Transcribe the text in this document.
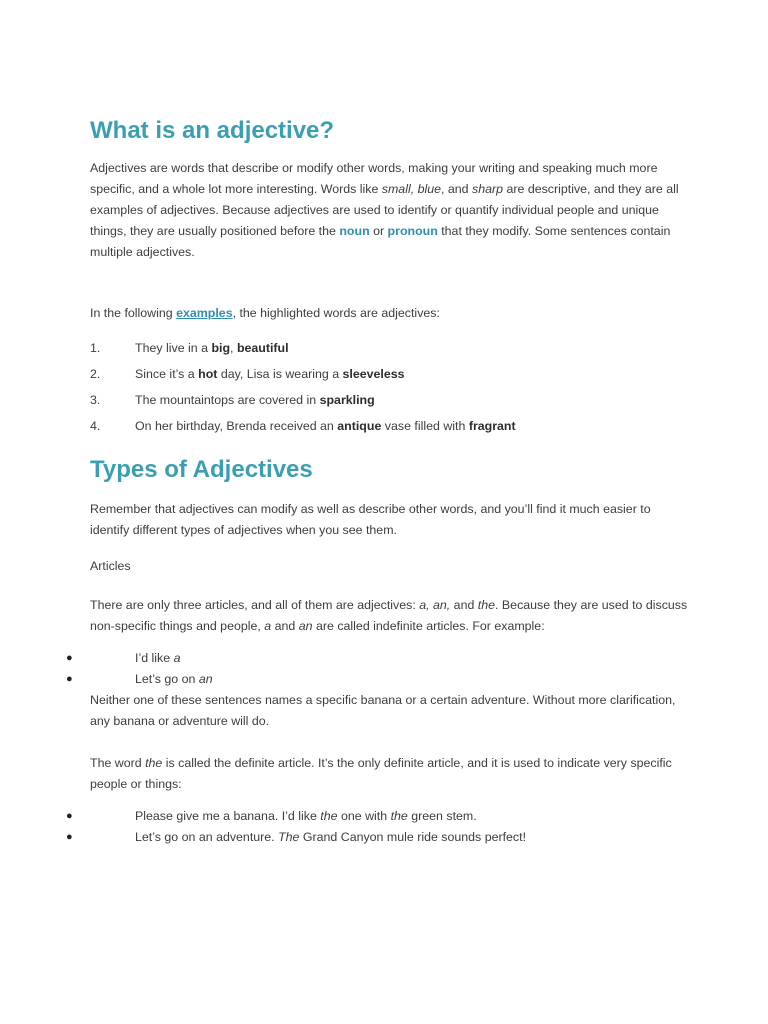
What is an adjective?

Adjectives are words that describe or modify other words, making your writing and speaking much more specific, and a whole lot more interesting. Words like small, blue, and sharp are descriptive, and they are all examples of adjectives. Because adjectives are used to identify or quantify individual people and unique things, they are usually positioned before the noun or pronoun that they modify. Some sentences contain multiple adjectives.

In the following examples, the highlighted words are adjectives:

1.	They live in a big, beautiful
2.	Since it’s a hot day, Lisa is wearing a sleeveless
3.	The mountaintops are covered in sparkling
4.	On her birthday, Brenda received an antique vase filled with fragrant
Types of Adjectives

Remember that adjectives can modify as well as describe other words, and you’ll find it much easier to identify different types of adjectives when you see them.

Articles

There are only three articles, and all of them are adjectives: a, an, and the. Because they are used to discuss non-specific things and people, a and an are called indefinite articles. For example:

●	I’d like a
●	Let’s go on an

Neither one of these sentences names a specific banana or a certain adventure. Without more clarification, any banana or adventure will do.

The word the is called the definite article. It’s the only definite article, and it is used to indicate very specific people or things:

●	Please give me a banana. I’d like the one with the green stem.
●	Let’s go on an adventure. The Grand Canyon mule ride sounds perfect!
